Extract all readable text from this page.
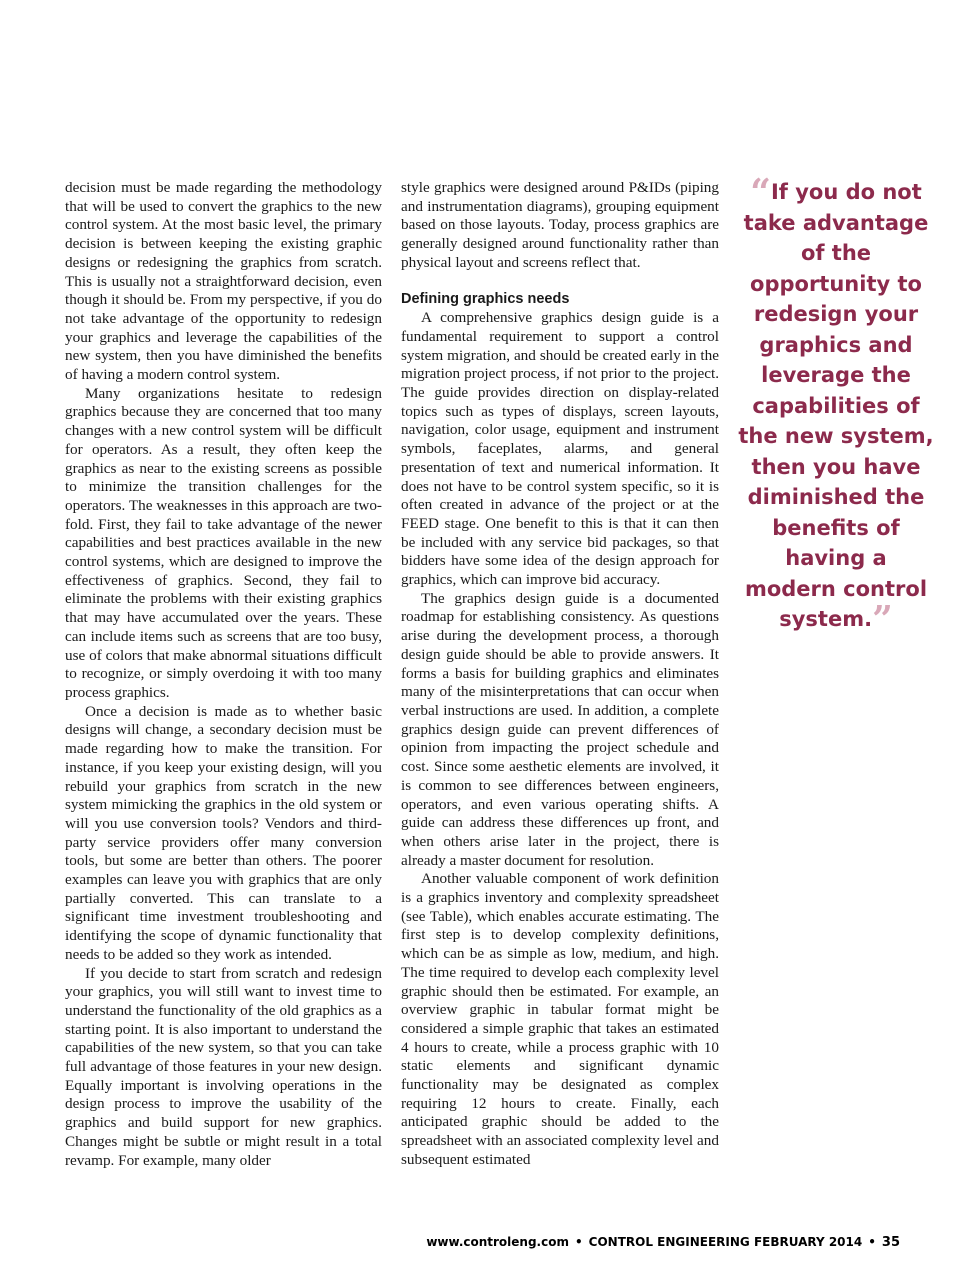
decision must be made regarding the methodology that will be used to convert the graphics to the new control system. At the most basic level, the primary decision is between keeping the existing graphic designs or redesigning the graphics from scratch. This is usually not a straightforward decision, even though it should be. From my perspective, if you do not take advantage of the opportunity to redesign your graphics and leverage the capabilities of the new system, then you have diminished the benefits of having a modern control system.

Many organizations hesitate to redesign graphics because they are concerned that too many changes with a new control system will be difficult for operators. As a result, they often keep the graphics as near to the existing screens as possible to minimize the transition challenges for the operators. The weaknesses in this approach are two-fold. First, they fail to take advantage of the newer capabilities and best practices available in the new control systems, which are designed to improve the effectiveness of graphics. Second, they fail to eliminate the problems with their existing graphics that may have accumulated over the years. These can include items such as screens that are too busy, use of colors that make abnormal situations difficult to recognize, or simply overdoing it with too many process graphics.

Once a decision is made as to whether basic designs will change, a secondary decision must be made regarding how to make the transition. For instance, if you keep your existing design, will you rebuild your graphics from scratch in the new system mimicking the graphics in the old system or will you use conversion tools? Vendors and third-party service providers offer many conversion tools, but some are better than others. The poorer examples can leave you with graphics that are only partially converted. This can translate to a significant time investment troubleshooting and identifying the scope of dynamic functionality that needs to be added so they work as intended.

If you decide to start from scratch and redesign your graphics, you will still want to invest time to understand the functionality of the old graphics as a starting point. It is also important to understand the capabilities of the new system, so that you can take full advantage of those features in your new design. Equally important is involving operations in the design process to improve the usability of the graphics and build support for new graphics. Changes might be subtle or might result in a total revamp. For example, many older

style graphics were designed around P&IDs (piping and instrumentation diagrams), grouping equipment based on those layouts. Today, process graphics are generally designed around functionality rather than physical layout and screens reflect that.

Defining graphics needs

A comprehensive graphics design guide is a fundamental requirement to support a control system migration, and should be created early in the migration project process, if not prior to the project. The guide provides direction on display-related topics such as types of displays, screen layouts, navigation, color usage, equipment and instrument symbols, faceplates, alarms, and general presentation of text and numerical information. It does not have to be control system specific, so it is often created in advance of the project or at the FEED stage. One benefit to this is that it can then be included with any service bid packages, so that bidders have some idea of the design approach for graphics, which can improve bid accuracy.

The graphics design guide is a documented roadmap for establishing consistency. As questions arise during the development process, a thorough design guide should be able to provide answers. It forms a basis for building graphics and eliminates many of the misinterpretations that can occur when verbal instructions are used. In addition, a complete graphics design guide can prevent differences of opinion from impacting the project schedule and cost. Since some aesthetic elements are involved, it is common to see differences between engineers, operators, and even various operating shifts. A guide can address these differences up front, and when others arise later in the project, there is already a master document for resolution.

Another valuable component of work definition is a graphics inventory and complexity spreadsheet (see Table), which enables accurate estimating. The first step is to develop complexity definitions, which can be as simple as low, medium, and high. The time required to develop each complexity level graphic should then be estimated. For example, an overview graphic in tabular format might be considered a simple graphic that takes an estimated 4 hours to create, while a process graphic with 10 static elements and significant dynamic functionality may be designated as complex requiring 12 hours to create. Finally, each anticipated graphic should be added to the spreadsheet with an associated complexity level and subsequent estimated

“If you do not take advantage of the opportunity to redesign your graphics and leverage the capabilities of the new system, then you have diminished the benefits of having a modern control system.”
www.controleng.com • CONTROL ENGINEERING FEBRUARY 2014 • 35
